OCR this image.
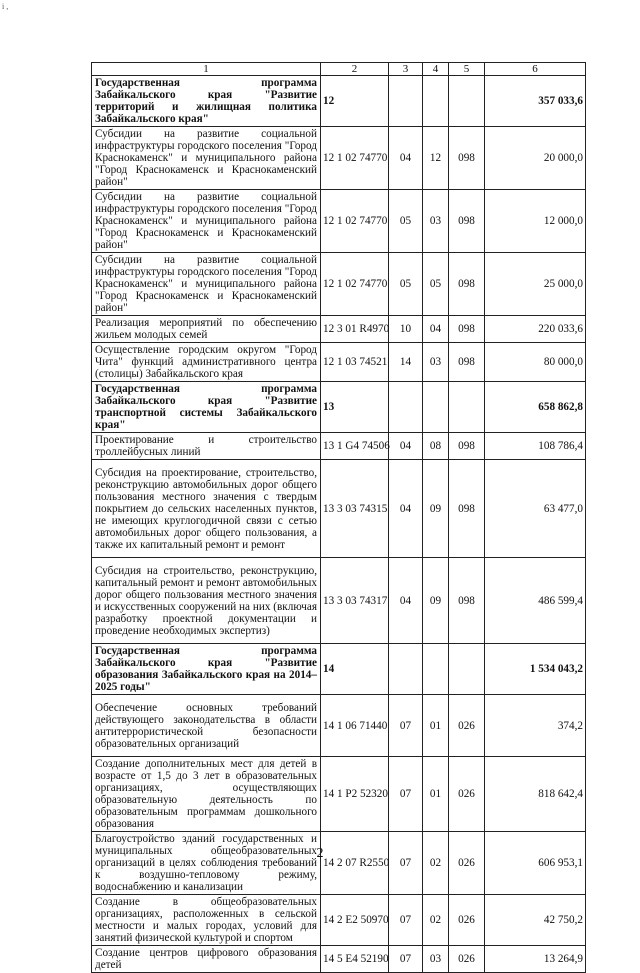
i ,
1	2	3	4	5	6
Государственная программа Забайкальского края "Развитие территорий и жилищная политика Забайкальского края"	12				357 033,6
Субсидии на развитие социальной инфраструктуры городского поселения "Город Краснокаменск" и муниципального района "Город Краснокаменск и Краснокаменский район"	12 1 02 74770	04	12	098	20 000,0
Субсидии на развитие социальной инфраструктуры городского поселения "Город Краснокаменск" и муниципального района "Город Краснокаменск и Краснокаменский район"	12 1 02 74770	05	03	098	12 000,0
Субсидии на развитие социальной инфраструктуры городского поселения "Город Краснокаменск" и муниципального района "Город Краснокаменск и Краснокаменский район"	12 1 02 74770	05	05	098	25 000,0
Реализация мероприятий по обеспечению жильем молодых семей	12 3 01 R4970	10	04	098	220 033,6
Осуществление городским округом "Город Чита" функций административного центра (столицы) Забайкальского края	12 1 03 74521	14	03	098	80 000,0
Государственная программа Забайкальского края "Развитие транспортной системы Забайкальского края"	13				658 862,8
Проектирование и строительство троллейбусных линий	13 1 G4 74506	04	08	098	108 786,4
Субсидия на проектирование, строительство, реконструкцию автомобильных дорог общего пользования местного значения с твердым покрытием до сельских населенных пунктов, не имеющих круглогодичной связи с сетью автомобильных дорог общего пользования, а также их капитальный ремонт и ремонт	13 3 03 74315	04	09	098	63 477,0
Субсидия на строительство, реконструкцию, капитальный ремонт и ремонт автомобильных дорог общего пользования местного значения и искусственных сооружений на них (включая разработку проектной документации и проведение необходимых экспертиз)	13 3 03 74317	04	09	098	486 599,4
Государственная программа Забайкальского края "Развитие образования Забайкальского края на 2014–2025 годы"	14				1 534 043,2
Обеспечение основных требований действующего законодательства в области антитеррористической безопасности образовательных организаций	14 1 06 71440	07	01	026	374,2
Создание дополнительных мест для детей в возрасте от 1,5 до 3 лет в образовательных организациях, осуществляющих образовательную деятельность по образовательным программам дошкольного образования	14 1 P2 52320	07	01	026	818 642,4
Благоустройство зданий государственных и муниципальных общеобразовательных организаций в целях соблюдения требований к воздушно-тепловому режиму, водоснабжению и канализации	14 2 07 R2550	07	02	026	606 953,1
Создание в общеобразовательных организациях, расположенных в сельской местности и малых городах, условий для занятий физической культурой и спортом	14 2 E2 50970	07	02	026	42 750,2
Создание центров цифрового образования детей	14 5 E4 52190	07	03	026	13 264,9
2
